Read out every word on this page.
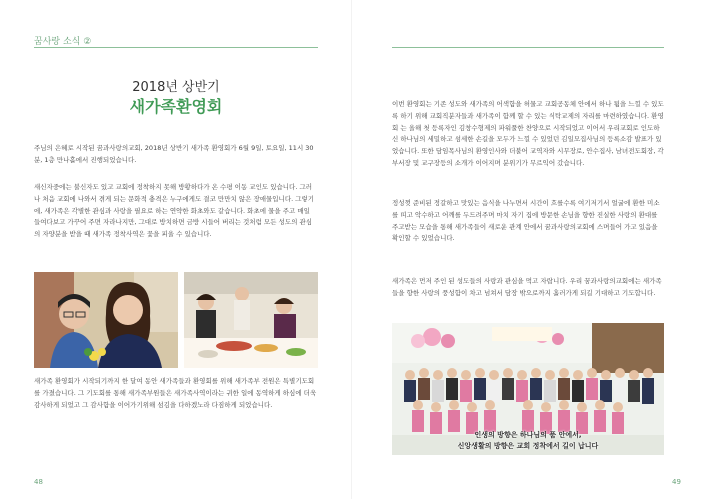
꿈사랑 소식 ②
2018년 상반기
새가족환영회

주님의 은혜로 시작된 꿈과사랑의교회, 2018년 상반기 새가족 환영회가 6월 9일, 토요일, 11시 30분, 1층 만나홀에서 진행되었습니다.

새신자중에는 불신자도 있고 교회에 정착하지 못해 방황하다가 온 수평 이동 교인도 있습니다. 그러나 처음 교회에 나와서 겪게 되는 문화적 충격은 누구에게도 결코 만만치 않은 장애물입니다. 그렇기에, 새가족은 각별한 관심과 사랑을 필요로 하는 연약한 화초와도 같습니다. 화초에 물을 주고 매일 들여다보고 가꾸어 주면 자라나지만, 그대로 방치하면 금방 시들어 버리는 것처럼 모든 성도의 관심의 자양분을 받을 때 새가족 정착사역은 꽃을 피울 수 있습니다.

새가족 환영회가 시작되기까지 한 달여 동안 새가족들과 환영회를 위해 새가족부 전원은 특별기도회를 가졌습니다. 그 기도회를 통해 새가족부원들은 새가족사역이라는 귀한 일에 동역하게 하심에 더욱 감사하게 되었고 그 감사함을 이어가기위해 섬김을 다하겠노라 다짐하게 되었습니다.

48

이번 환영회는 기존 성도와 새가족의 어색함을 허물고 교회공동체 안에서 하나 됨을 느낄 수 있도록 하기 위해 교회직분자들과 새가족이 함께 할 수 있는 식탁교제의 자리를 마련하였습니다. 환영회 는 올해 첫 등록자인 김창수형제의 파워풀한 찬양으로 시작되었고 이어서 우리교회로 인도하신 하나님의 세밀하고 섬세한 손길을 모두가 느낄 수 있었던 김일모집사님의 등록소감 발표가 있었습니다. 또한 담임목사님의 환영인사와 더불어 교역자와 시무장로, 안수집사, 남녀전도회장, 각부서장 및 교구장등의 소개가 이어지며 분위기가 무르익어 갔습니다.

정성껏 준비된 정갈하고 맛있는 음식을 나누면서 시간이 흐를수록 여기저기서 얼굴에 환한 미소를 띠고 악수하고 어깨를 두드려주며 마치 자기 집에 방문한 손님을 향한 진실한 사랑의 환대를 주고받는 모습을 통해 새가족들이 새로운 관계 안에서 꿈과사랑의교회에 스며들어 가고 있음을 확인할 수 있었습니다.

새가족은 먼저 주인 된 성도들의 사랑과 관심을 먹고 자랍니다. 우리 꿈과사랑의교회에는 새가족들을 향한 사랑의 풍성함이 차고 넘쳐서 담장 밖으로까지 흘러가게 되길 기대하고 기도합니다.

49
인생의 방향은 하나님의 품 안에서,
신앙생활의 방향은 교회 정착에서 길이 납니다
